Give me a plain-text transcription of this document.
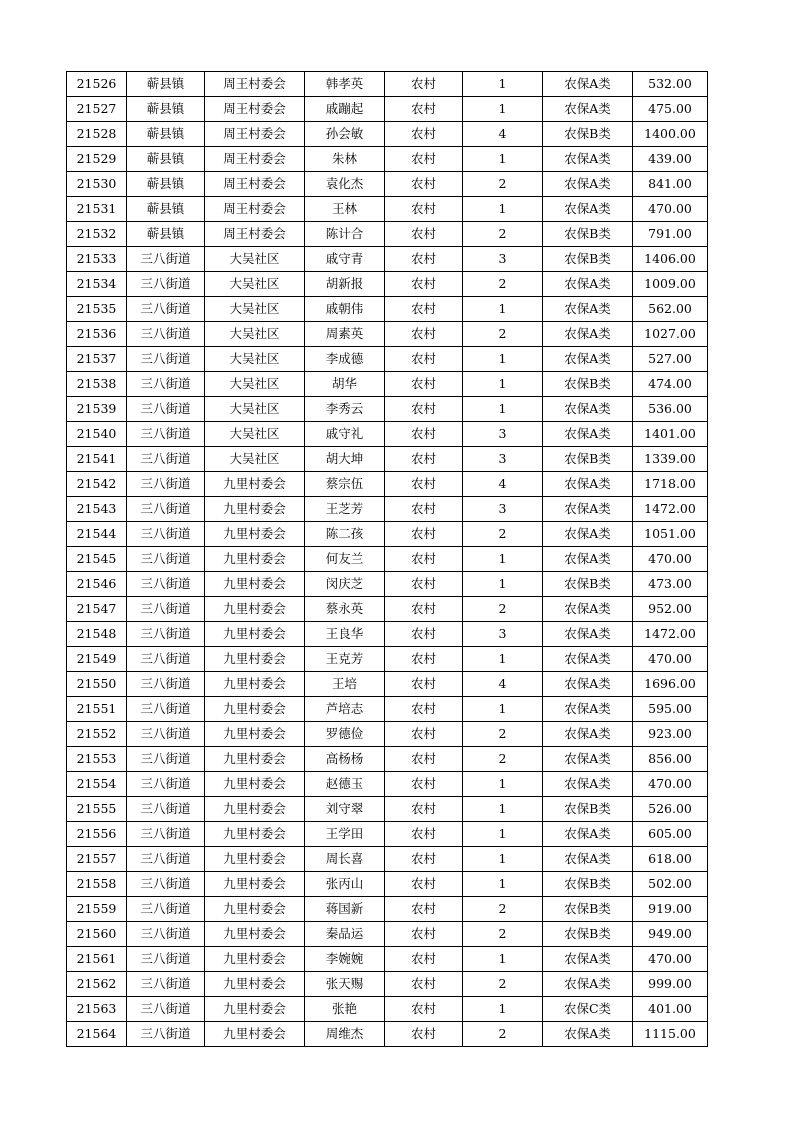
21526	蕲县镇	周王村委会	韩孝英	农村	1	农保A类	532.00
21527	蕲县镇	周王村委会	戚蹦起	农村	1	农保A类	475.00
21528	蕲县镇	周王村委会	孙会敏	农村	4	农保B类	1400.00
21529	蕲县镇	周王村委会	朱林	农村	1	农保A类	439.00
21530	蕲县镇	周王村委会	袁化杰	农村	2	农保A类	841.00
21531	蕲县镇	周王村委会	王林	农村	1	农保A类	470.00
21532	蕲县镇	周王村委会	陈计合	农村	2	农保B类	791.00
21533	三八街道	大吴社区	戚守青	农村	3	农保B类	1406.00
21534	三八街道	大吴社区	胡新报	农村	2	农保A类	1009.00
21535	三八街道	大吴社区	戚朝伟	农村	1	农保A类	562.00
21536	三八街道	大吴社区	周素英	农村	2	农保A类	1027.00
21537	三八街道	大吴社区	李成德	农村	1	农保A类	527.00
21538	三八街道	大吴社区	胡华	农村	1	农保B类	474.00
21539	三八街道	大吴社区	李秀云	农村	1	农保A类	536.00
21540	三八街道	大吴社区	戚守礼	农村	3	农保A类	1401.00
21541	三八街道	大吴社区	胡大坤	农村	3	农保B类	1339.00
21542	三八街道	九里村委会	蔡宗伍	农村	4	农保A类	1718.00
21543	三八街道	九里村委会	王芝芳	农村	3	农保A类	1472.00
21544	三八街道	九里村委会	陈二孩	农村	2	农保A类	1051.00
21545	三八街道	九里村委会	何友兰	农村	1	农保A类	470.00
21546	三八街道	九里村委会	闵庆芝	农村	1	农保B类	473.00
21547	三八街道	九里村委会	蔡永英	农村	2	农保A类	952.00
21548	三八街道	九里村委会	王良华	农村	3	农保A类	1472.00
21549	三八街道	九里村委会	王克芳	农村	1	农保A类	470.00
21550	三八街道	九里村委会	王培	农村	4	农保A类	1696.00
21551	三八街道	九里村委会	芦培志	农村	1	农保A类	595.00
21552	三八街道	九里村委会	罗德俭	农村	2	农保A类	923.00
21553	三八街道	九里村委会	高杨杨	农村	2	农保A类	856.00
21554	三八街道	九里村委会	赵德玉	农村	1	农保A类	470.00
21555	三八街道	九里村委会	刘守翠	农村	1	农保B类	526.00
21556	三八街道	九里村委会	王学田	农村	1	农保A类	605.00
21557	三八街道	九里村委会	周长喜	农村	1	农保A类	618.00
21558	三八街道	九里村委会	张丙山	农村	1	农保B类	502.00
21559	三八街道	九里村委会	蒋国新	农村	2	农保B类	919.00
21560	三八街道	九里村委会	秦品运	农村	2	农保B类	949.00
21561	三八街道	九里村委会	李婉婉	农村	1	农保A类	470.00
21562	三八街道	九里村委会	张天赐	农村	2	农保A类	999.00
21563	三八街道	九里村委会	张艳	农村	1	农保C类	401.00
21564	三八街道	九里村委会	周维杰	农村	2	农保A类	1115.00
